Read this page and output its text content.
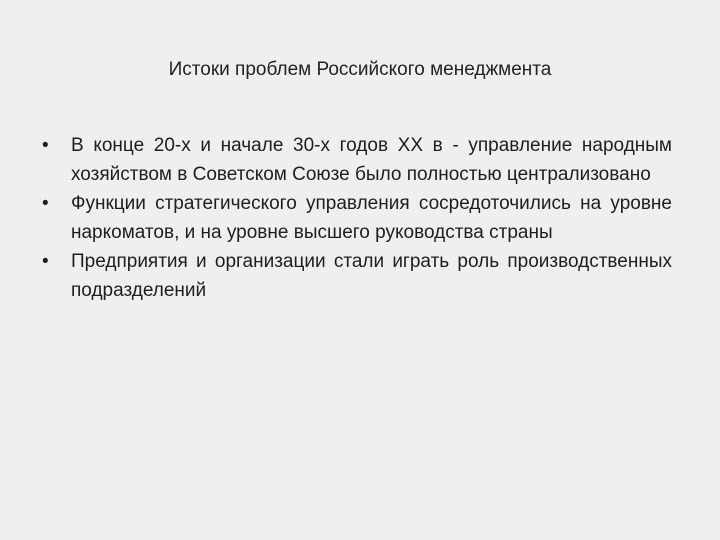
Истоки проблем Российского менеджмента
• В конце 20-х и начале 30-х годов XX в - управление народным хозяйством в Советском Союзе было полностью централизовано
• Функции стратегического управления сосредоточились на уровне наркоматов, и на уровне высшего руководства страны
• Предприятия и организации стали играть роль производственных подразделений
